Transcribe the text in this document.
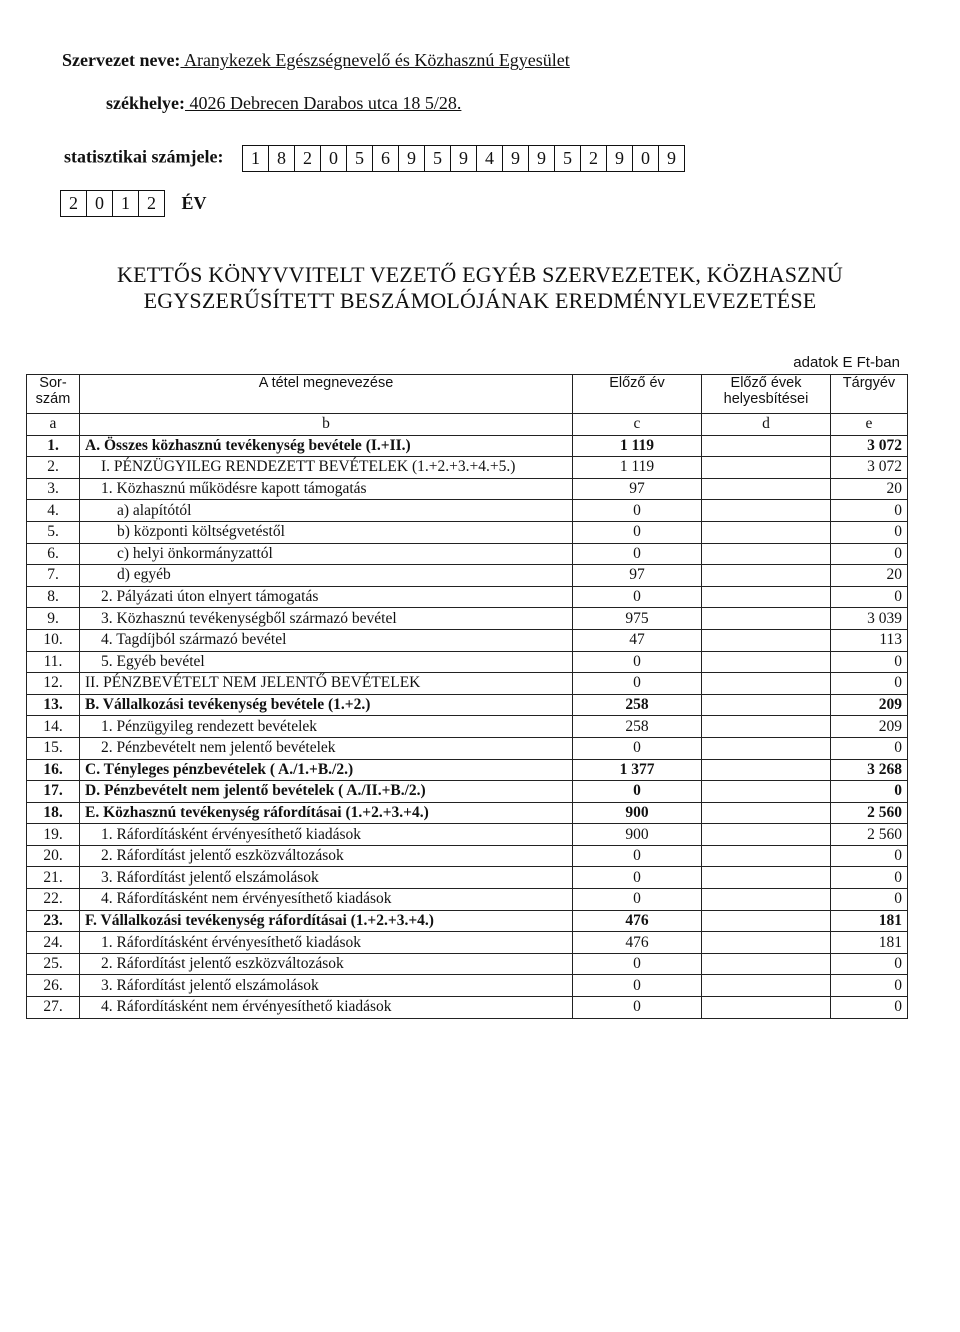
Szervezet neve: Aranykezek Egészségnevelő és Közhasznú Egyesület
székhelye: 4026 Debrecen Darabos utca 18 5/28.
statisztikai számjele:	1 8 2 0 5 6 9 5 9 4 9 9 5 2 9 0 9
2 0 1 2	ÉV
KETTŐS KÖNYVVITELT VEZETŐ EGYÉB SZERVEZETEK, KÖZHASZNÚ
EGYSZERŰSÍTETT BESZÁMOLÓJÁNAK EREDMÉNYLEVEZETÉSE
adatok E Ft-ban
Sor-szám	A tétel megnevezése	Előző év	Előző évek helyesbítései	Tárgyév
a	b	c	d	e
1.	A. Összes közhasznú tevékenység bevétele (I.+II.)	1 119		3 072
2.	I. PÉNZÜGYILEG RENDEZETT BEVÉTELEK (1.+2.+3.+4.+5.)	1 119		3 072
3.	1. Közhasznú működésre kapott támogatás	97		20
4.	a) alapítótól	0		0
5.	b) központi költségvetéstől	0		0
6.	c) helyi önkormányzattól	0		0
7.	d) egyéb	97		20
8.	2. Pályázati úton elnyert támogatás	0		0
9.	3. Közhasznú tevékenységből származó bevétel	975		3 039
10.	4. Tagdíjból származó bevétel	47		113
11.	5. Egyéb bevétel	0		0
12.	II. PÉNZBEVÉTELT NEM JELENTŐ BEVÉTELEK	0		0
13.	B. Vállalkozási tevékenység bevétele (1.+2.)	258		209
14.	1. Pénzügyileg rendezett bevételek	258		209
15.	2. Pénzbevételt nem jelentő bevételek	0		0
16.	C. Tényleges pénzbevételek ( A./1.+B./2.)	1 377		3 268
17.	D. Pénzbevételt nem jelentő bevételek ( A./II.+B./2.)	0		0
18.	E. Közhasznú tevékenység ráfordításai (1.+2.+3.+4.)	900		2 560
19.	1. Ráfordításként érvényesíthető kiadások	900		2 560
20.	2. Ráfordítást jelentő eszközváltozások	0		0
21.	3. Ráfordítást jelentő elszámolások	0		0
22.	4. Ráfordításként nem érvényesíthető kiadások	0		0
23.	F. Vállalkozási tevékenység ráfordításai (1.+2.+3.+4.)	476		181
24.	1. Ráfordításként érvényesíthető kiadások	476		181
25.	2. Ráfordítást jelentő eszközváltozások	0		0
26.	3. Ráfordítást jelentő elszámolások	0		0
27.	4. Ráfordításként nem érvényesíthető kiadások	0		0
